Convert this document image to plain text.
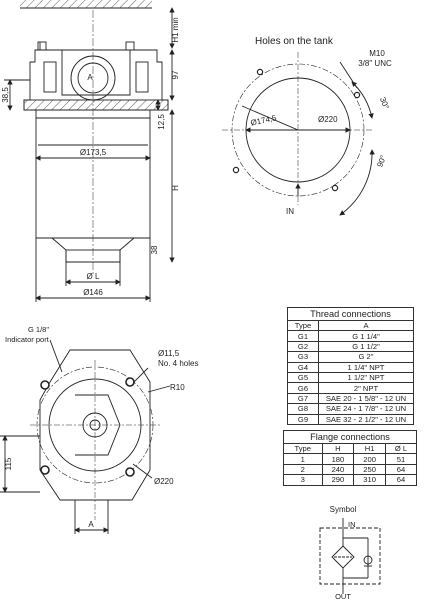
H1 min
97
H
12,5
38,5
38
Ø173,5
Ø L
Ø146
A
Holes on the tank
M10
3/8" UNC
Ø174,5	Ø220
30°
90°
IN
G 1/8"
Indicator port
Ø11,5
No. 4 holes
R10
115
Ø220
A
Symbol
IN
OUT
Thread connections	
Type	A
G1	G 1 1/4"
G2	G 1 1/2"
G3	G 2"
G4	1 1/4" NPT
G5	1 1/2" NPT
G6	2" NPT
G7	SAE 20 - 1 5/8" - 12 UN
G8	SAE 24 - 1 7/8" - 12 UN
G9	SAE 32 - 2 1/2" - 12 UN
Flange connections			
Type	H	H1	Ø L
1	180	200	51
2	240	250	64
3	290	310	64
